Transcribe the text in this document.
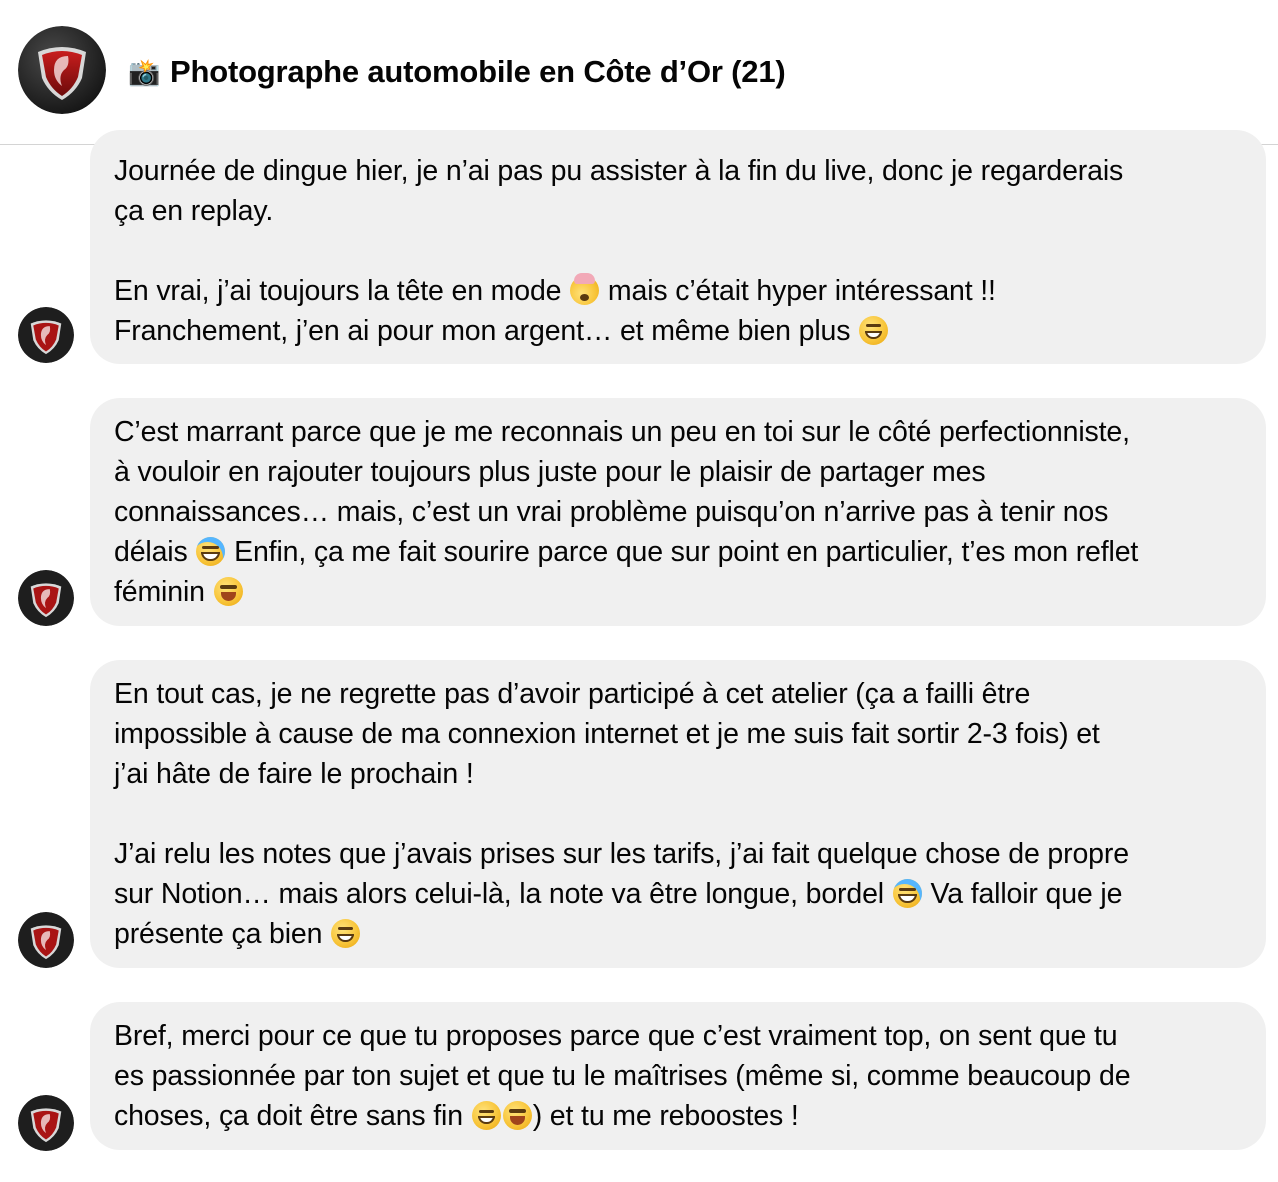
📸 Photographe automobile en Côte d’Or (21)

Journée de dingue hier, je n’ai pas pu assister à la fin du live, donc je regarderais
ça en replay.

En vrai, j’ai toujours la tête en mode  mais c’était hyper intéressant !!
Franchement, j’en ai pour mon argent… et même bien plus

C’est marrant parce que je me reconnais un peu en toi sur le côté perfectionniste,
à vouloir en rajouter toujours plus juste pour le plaisir de partager mes
connaissances… mais, c’est un vrai problème puisqu’on n’arrive pas à tenir nos
délais  Enfin, ça me fait sourire parce que sur point en particulier, t’es mon reflet
féminin

En tout cas, je ne regrette pas d’avoir participé à cet atelier (ça a failli être
impossible à cause de ma connexion internet et je me suis fait sortir 2-3 fois) et
j’ai hâte de faire le prochain !

J’ai relu les notes que j’avais prises sur les tarifs, j’ai fait quelque chose de propre
sur Notion… mais alors celui-là, la note va être longue, bordel  Va falloir que je
présente ça bien

Bref, merci pour ce que tu proposes parce que c’est vraiment top, on sent que tu
es passionnée par ton sujet et que tu le maîtrises (même si, comme beaucoup de
choses, ça doit être sans fin ) et tu me reboostes !
